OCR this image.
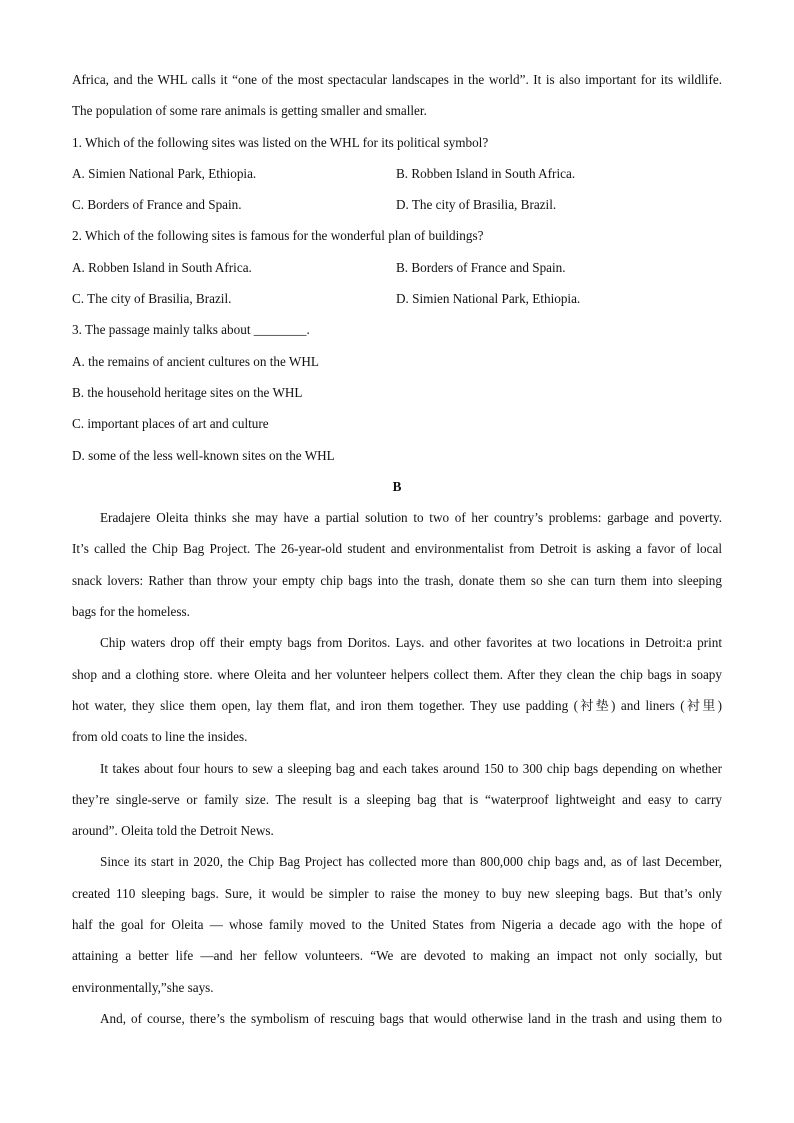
Africa, and the WHL calls it “one of the most spectacular landscapes in the world”. It is also important for its wildlife.

The population of some rare animals is getting smaller and smaller.

1. Which of the following sites was listed on the WHL for its political symbol?

A. Simien National Park, Ethiopia.	B. Robben Island in South Africa.
C. Borders of France and Spain.	D. The city of Brasilia, Brazil.

2. Which of the following sites is famous for the wonderful plan of buildings?

A. Robben Island in South Africa.	B. Borders of France and Spain.
C. The city of Brasilia, Brazil.	D. Simien National Park, Ethiopia.

3. The passage mainly talks about ________.

A. the remains of ancient cultures on the WHL

B. the household heritage sites on the WHL

C. important places of art and culture

D. some of the less well-known sites on the WHL

B

Eradajere Oleita thinks she may have a partial solution to two of her country’s problems: garbage and poverty.

It’s called the Chip Bag Project. The 26-year-old student and environmentalist from Detroit is asking a favor of local

snack lovers: Rather than throw your empty chip bags into the trash, donate them so she can turn them into sleeping

bags for the homeless.

Chip waters drop off their empty bags from Doritos. Lays. and other favorites at two locations in Detroit:a print

shop and a clothing store. where Oleita and her volunteer helpers collect them. After they clean the chip bags in soapy

hot water, they slice them open, lay them flat, and iron them together. They use padding (衬垫) and liners (衬里)

from old coats to line the insides.

It takes about four hours to sew a sleeping bag and each takes around 150 to 300 chip bags depending on whether

they’re single-serve or family size. The result is a sleeping bag that is “waterproof lightweight and easy to carry

around”. Oleita told the Detroit News.

Since its start in 2020, the Chip Bag Project has collected more than 800,000 chip bags and, as of last December,

created 110 sleeping bags. Sure, it would be simpler to raise the money to buy new sleeping bags. But that’s only

half the goal for Oleita — whose family moved to the United States from Nigeria a decade ago with the hope of

attaining a better life —and her fellow volunteers. “We are devoted to making an impact not only socially, but

environmentally,”she says.

And, of course, there’s the symbolism of rescuing bags that would otherwise land in the trash and using them to
